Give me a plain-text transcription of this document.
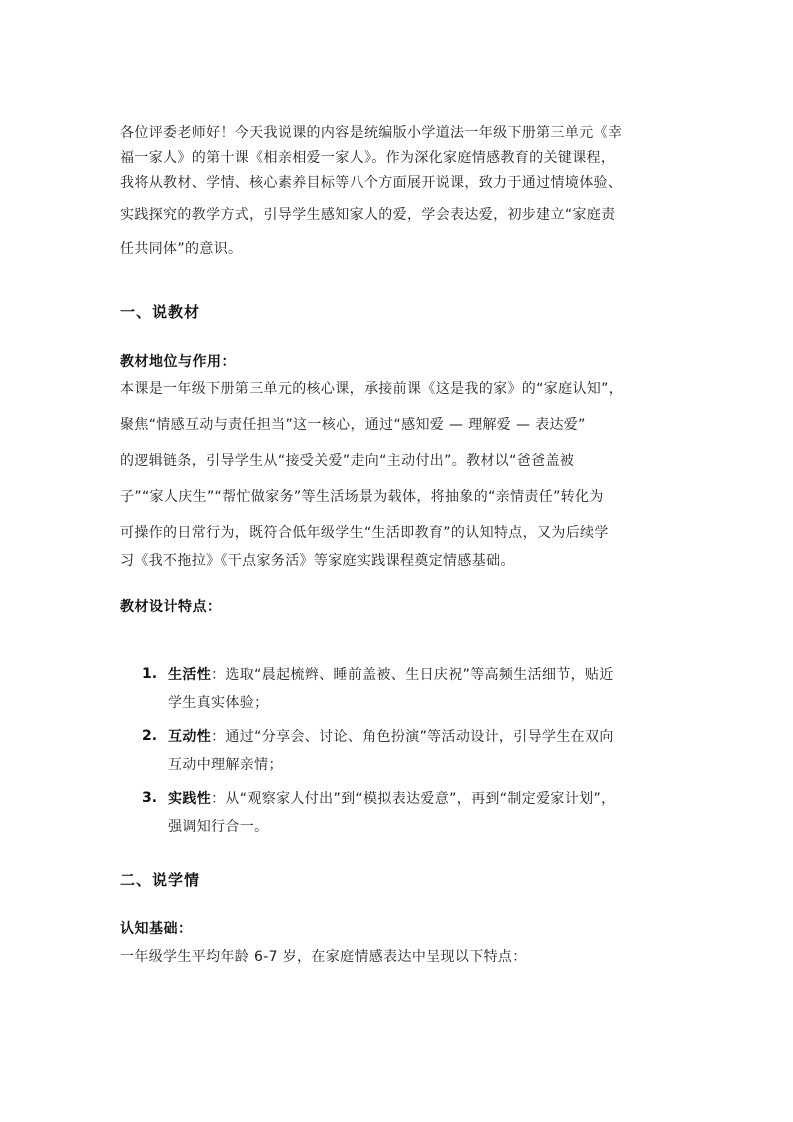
各位评委老师好！今天我说课的内容是统编版小学道法一年级下册第三单元《幸
福一家人》的第十课《相亲相爱一家人》。作为深化家庭情感教育的关键课程，
我将从教材、学情、核心素养目标等八个方面展开说课，致力于通过情境体验、
实践探究的教学方式，引导学生感知家人的爱，学会表达爱，初步建立“家庭责
任共同体”的意识。
一、说教材
教材地位与作用：
本课是一年级下册第三单元的核心课，承接前课《这是我的家》的“家庭认知”，
聚焦“情感互动与责任担当”这一核心，通过“感知爱 — 理解爱 — 表达爱”
的逻辑链条，引导学生从“接受关爱”走向“主动付出”。教材以“爸爸盖被
子”“家人庆生”“帮忙做家务”等生活场景为载体，将抽象的“亲情责任”转化为
可操作的日常行为，既符合低年级学生“生活即教育”的认知特点，又为后续学
习《我不拖拉》《干点家务活》等家庭实践课程奠定情感基础。
教材设计特点：
1. 生活性：选取“晨起梳辫、睡前盖被、生日庆祝”等高频生活细节，贴近
学生真实体验；
2. 互动性：通过“分享会、讨论、角色扮演”等活动设计，引导学生在双向
互动中理解亲情；
3. 实践性：从“观察家人付出”到“模拟表达爱意”，再到“制定爱家计划”，
强调知行合一。
二、说学情
认知基础：
一年级学生平均年龄 6-7 岁，在家庭情感表达中呈现以下特点：
